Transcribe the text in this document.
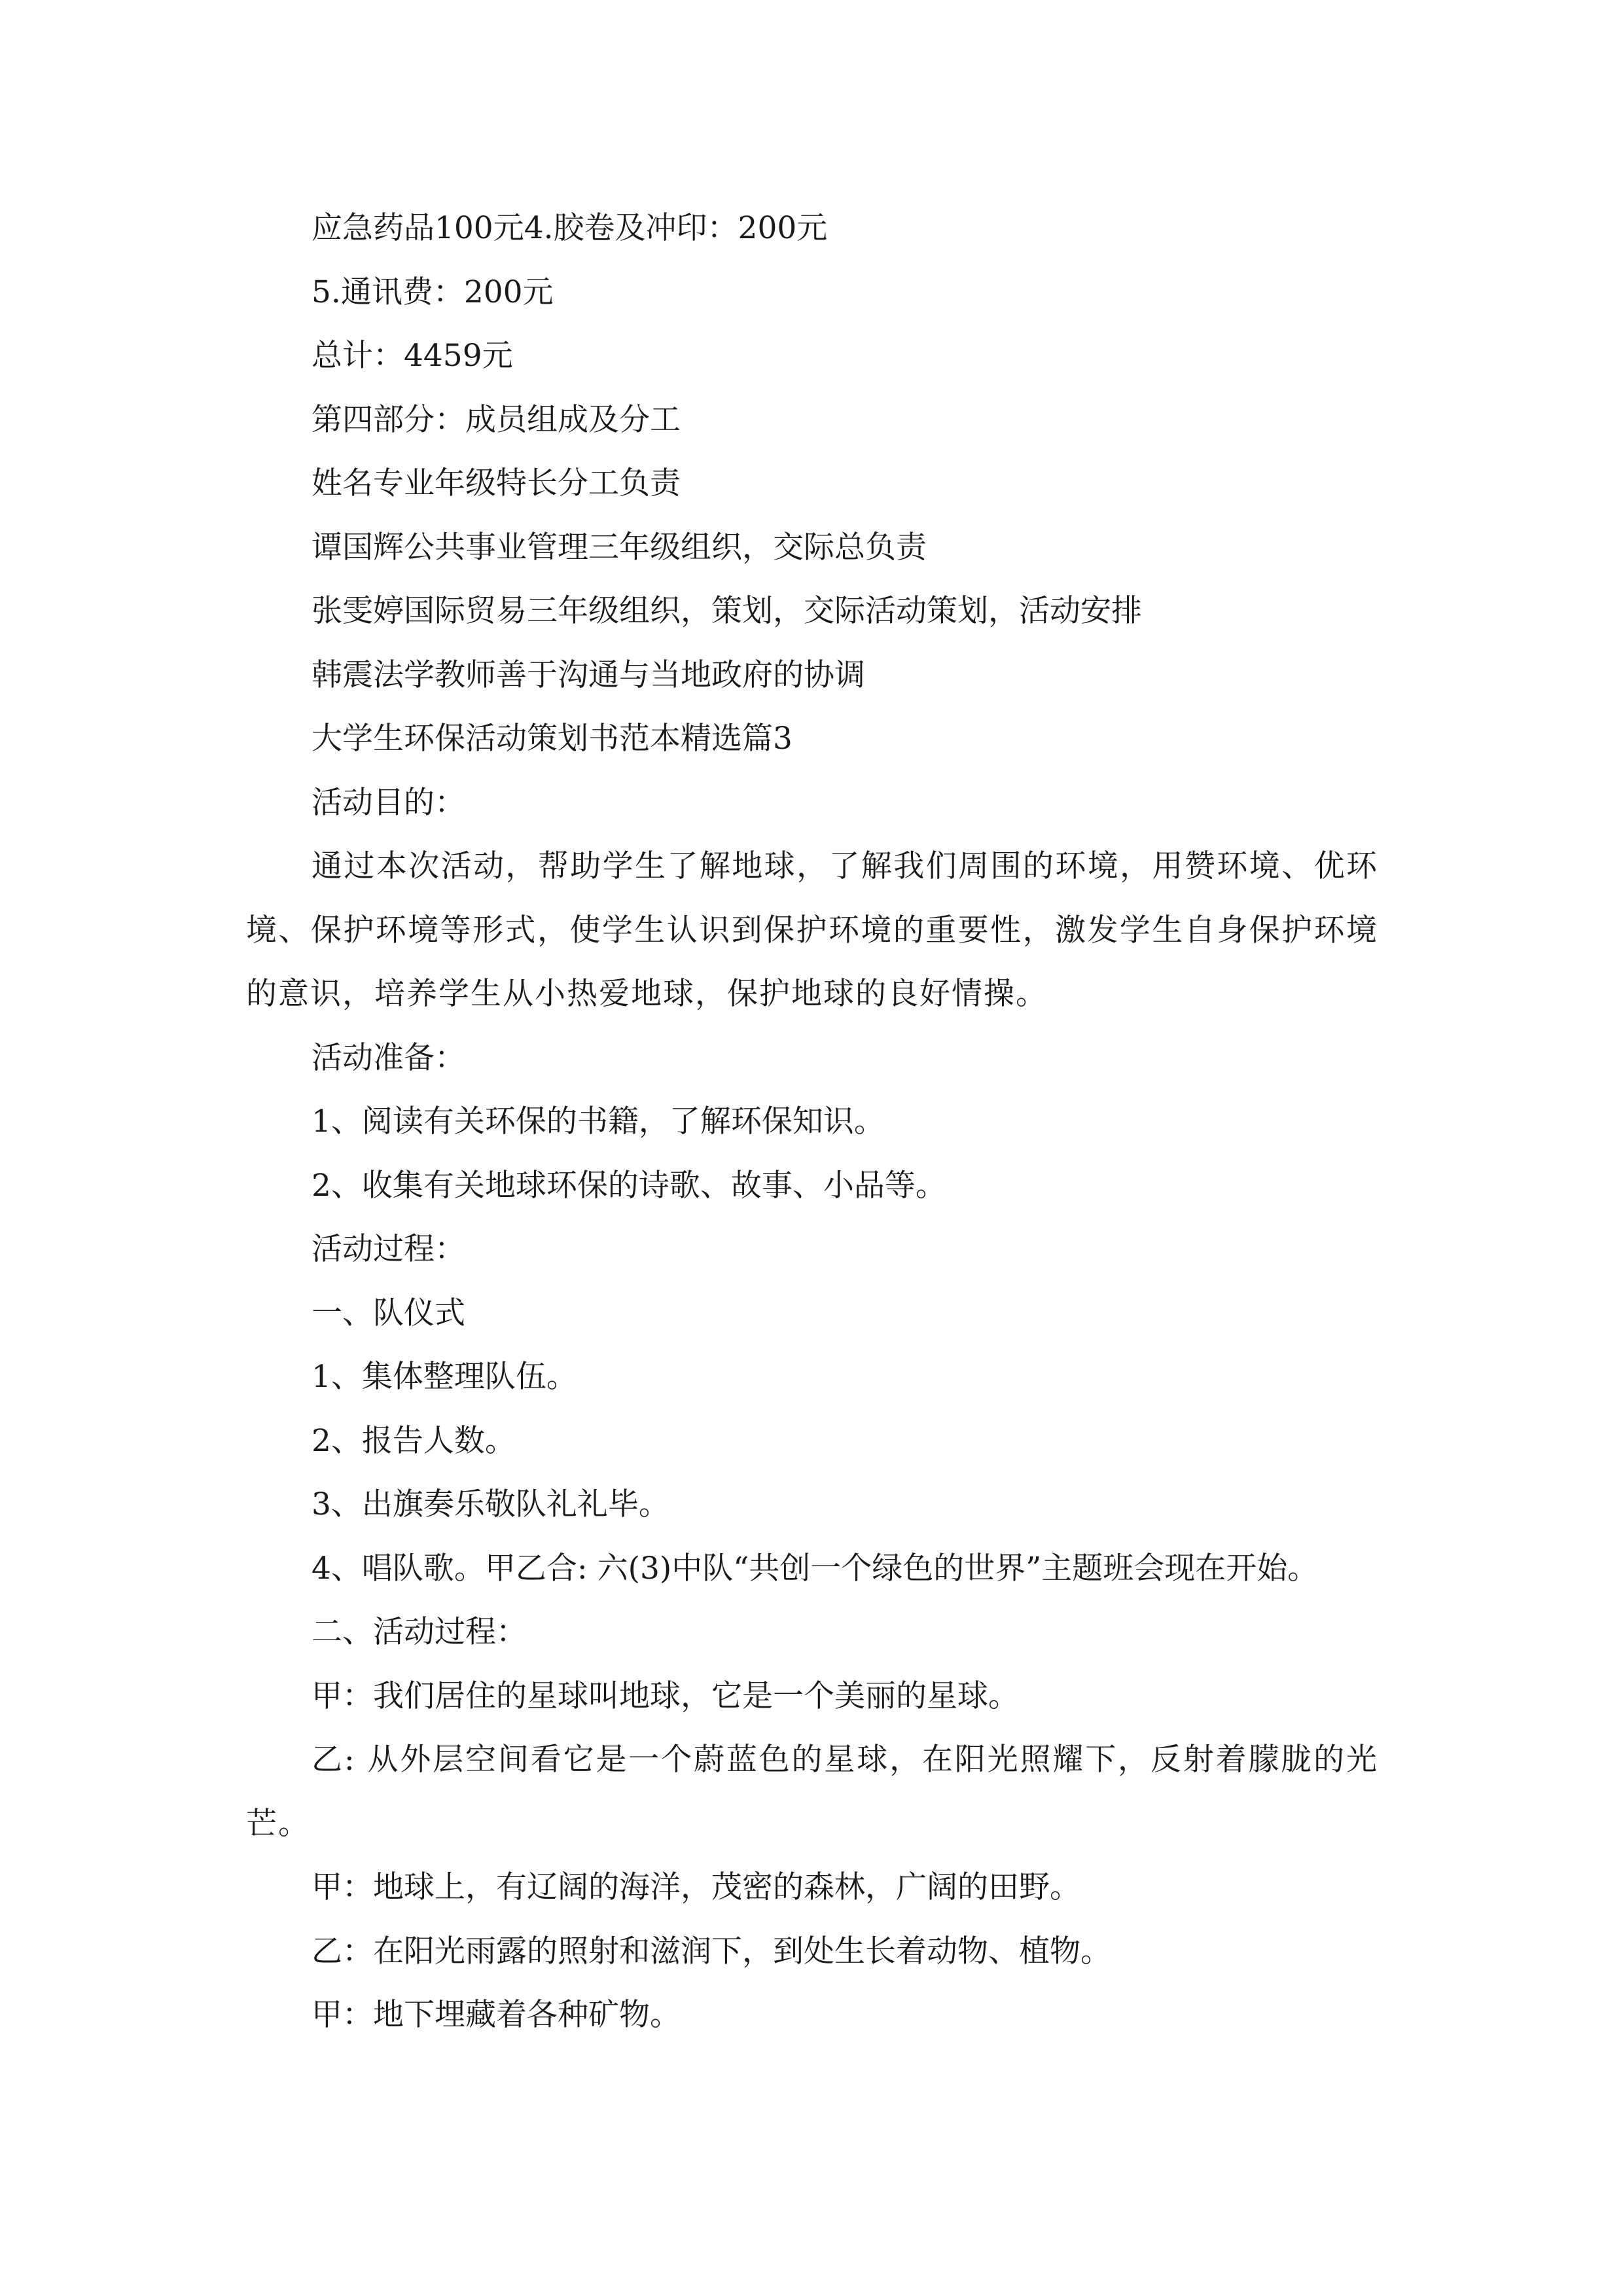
应急药品100元4.胶卷及冲印：200元
5.通讯费：200元
总计：4459元
第四部分：成员组成及分工
姓名专业年级特长分工负责
谭国辉公共事业管理三年级组织，交际总负责
张雯婷国际贸易三年级组织，策划，交际活动策划，活动安排
韩震法学教师善于沟通与当地政府的协调
大学生环保活动策划书范本精选篇3
活动目的：

通过本次活动，帮助学生了解地球，了解我们周围的环境，用赞环境、优环境、保护环境等形式，使学生认识到保护环境的重要性，激发学生自身保护环境的意识，培养学生从小热爱地球，保护地球的良好情操。

活动准备：
1、阅读有关环保的书籍，了解环保知识。
2、收集有关地球环保的诗歌、故事、小品等。
活动过程：
一、队仪式
1、集体整理队伍。
2、报告人数。
3、出旗奏乐敬队礼礼毕。
4、唱队歌。甲乙合: 六(3)中队“共创一个绿色的世界”主题班会现在开始。
二、活动过程：
甲：我们居住的星球叫地球，它是一个美丽的星球。

乙: 从外层空间看它是一个蔚蓝色的星球，在阳光照耀下，反射着朦胧的光芒。

甲：地球上，有辽阔的海洋，茂密的森林，广阔的田野。
乙：在阳光雨露的照射和滋润下，到处生长着动物、植物。
甲：地下埋藏着各种矿物。
